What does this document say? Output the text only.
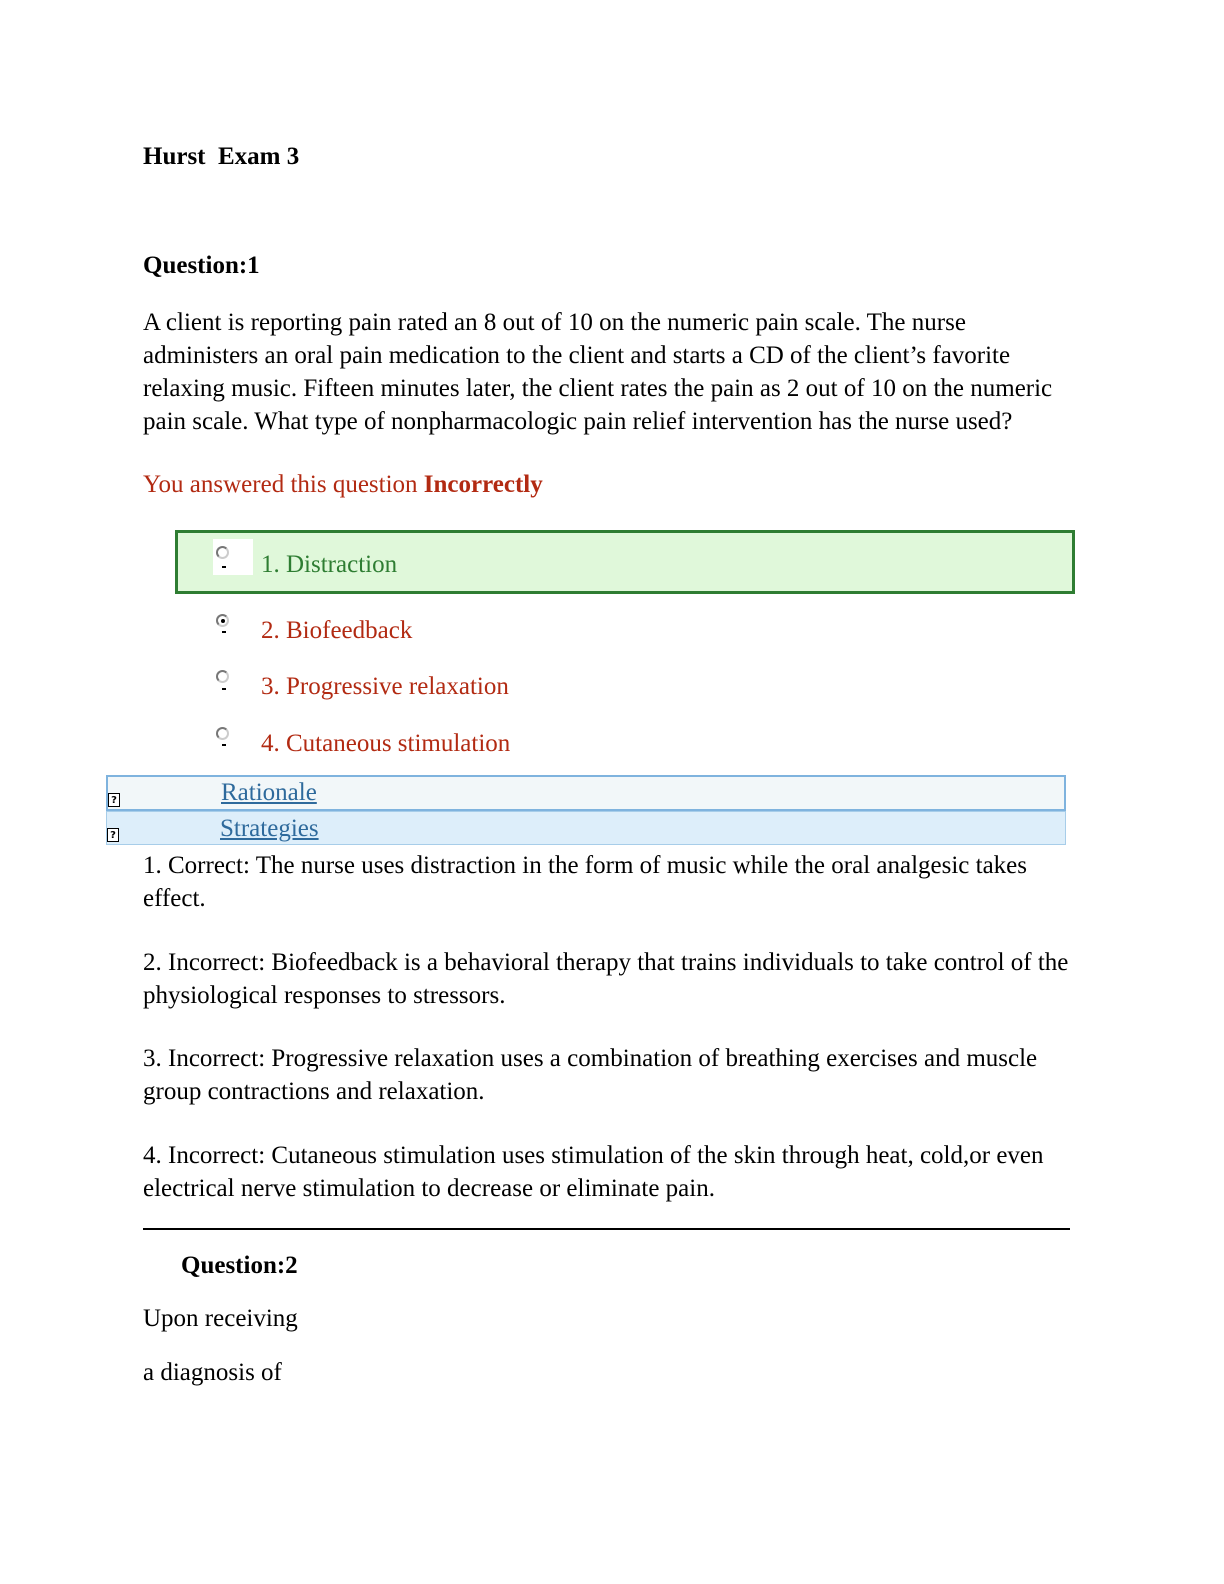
Hurst  Exam 3
Question:1
A client is reporting pain rated an 8 out of 10 on the numeric pain scale. The nurse administers an oral pain medication to the client and starts a CD of the client’s favorite relaxing music. Fifteen minutes later, the client rates the pain as 2 out of 10 on the numeric pain scale. What type of nonpharmacologic pain relief intervention has the nurse used?
You answered this question Incorrectly
1. Distraction
2. Biofeedback
3. Progressive relaxation
4. Cutaneous stimulation
?	Rationale
?	Strategies
1. Correct: The nurse uses distraction in the form of music while the oral analgesic takes effect.
2. Incorrect: Biofeedback is a behavioral therapy that trains individuals to take control of the physiological responses to stressors.
3. Incorrect: Progressive relaxation uses a combination of breathing exercises and muscle group contractions and relaxation.
4. Incorrect: Cutaneous stimulation uses stimulation of the skin through heat, cold,or even electrical nerve stimulation to decrease or eliminate pain.
Question:2
Upon receiving
a diagnosis of
